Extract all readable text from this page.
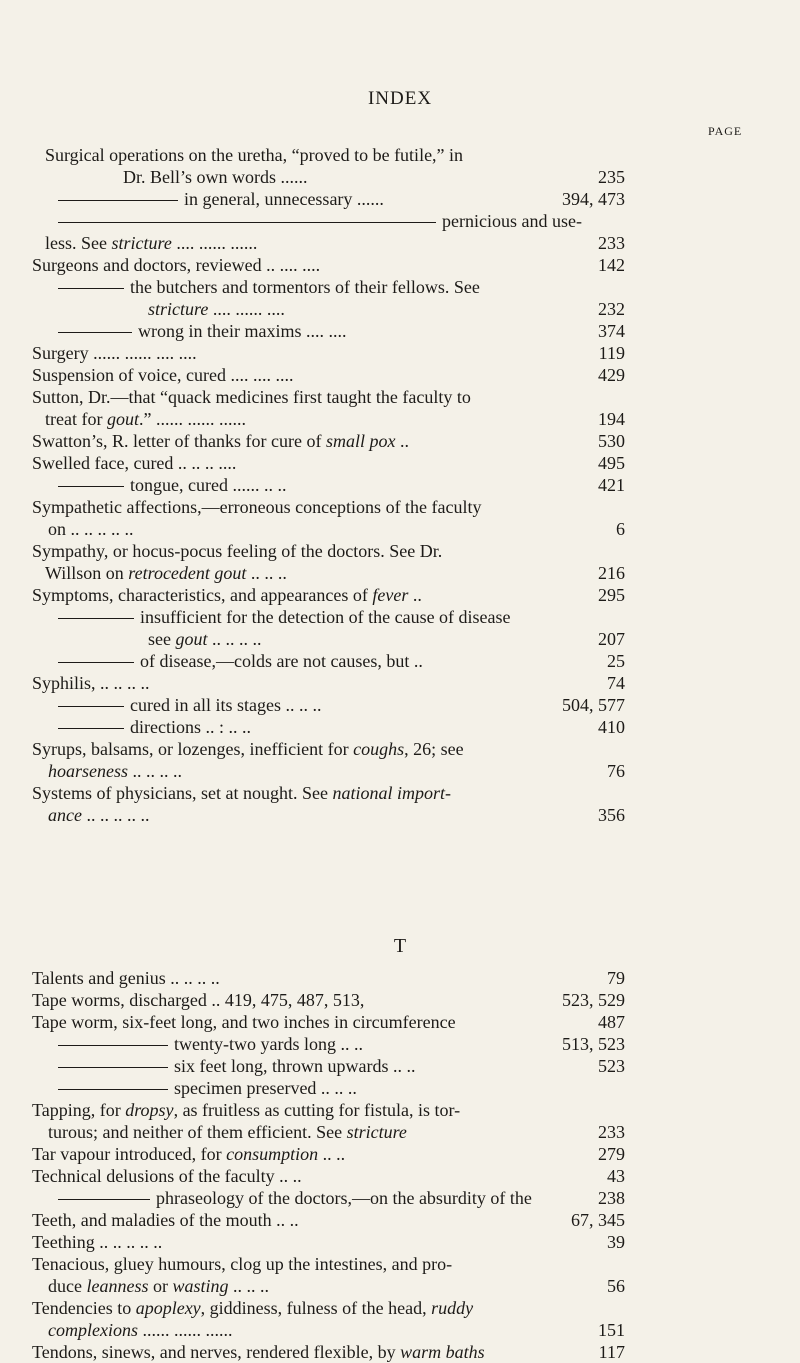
INDEX
PAGE
Surgical operations on the uretha, “proved to be futile,” in
Dr. Bell’s own words ......	235
in general, unnecessary ......	394, 473
pernicious and use-
less. See stricture .... ...... ......	233
Surgeons and doctors, reviewed .. .... ....	142
the butchers and tormentors of their fellows. See
stricture .... ...... ....	232
wrong in their maxims .... ....	374
Surgery ...... ...... .... ....	119
Suspension of voice, cured .... .... ....	429
Sutton, Dr.—that “quack medicines first taught the faculty to
treat for gout.” ...... ...... ......	194
Swatton’s, R. letter of thanks for cure of small pox ..	530
Swelled face, cured .. .. .. ....	495
tongue, cured ...... .. ..	421
Sympathetic affections,—erroneous conceptions of the faculty
on .. .. .. .. ..	6
Sympathy, or hocus-pocus feeling of the doctors. See Dr.
Willson on retrocedent gout .. .. ..	216
Symptoms, characteristics, and appearances of fever ..	295
insufficient for the detection of the cause of disease
see gout .. .. .. ..	207
of disease,—colds are not causes, but ..	25
Syphilis, .. .. .. ..	74
cured in all its stages .. .. ..	504, 577
directions .. : .. ..	410
Syrups, balsams, or lozenges, inefficient for coughs, 26; see
hoarseness .. .. .. ..	76
Systems of physicians, set at nought. See national import-
ance .. .. .. .. ..	356
T
Talents and genius .. .. .. ..	79
Tape worms, discharged .. 419, 475, 487, 513,	523, 529
Tape worm, six-feet long, and two inches in circumference	487
twenty-two yards long .. ..	513, 523
six feet long, thrown upwards .. ..	523
specimen preserved .. .. ..
Tapping, for dropsy, as fruitless as cutting for fistula, is tor-
turous; and neither of them efficient. See stricture	233
Tar vapour introduced, for consumption .. ..	279
Technical delusions of the faculty .. ..	43
phraseology of the doctors,—on the absurdity of the	238
Teeth, and maladies of the mouth .. ..	67, 345
Teething .. .. .. .. ..	39
Tenacious, gluey humours, clog up the intestines, and pro-
duce leanness or wasting .. .. ..	56
Tendencies to apoplexy, giddiness, fulness of the head, ruddy
complexions ...... ...... ......	151
Tendons, sinews, and nerves, rendered flexible, by warm baths	117
